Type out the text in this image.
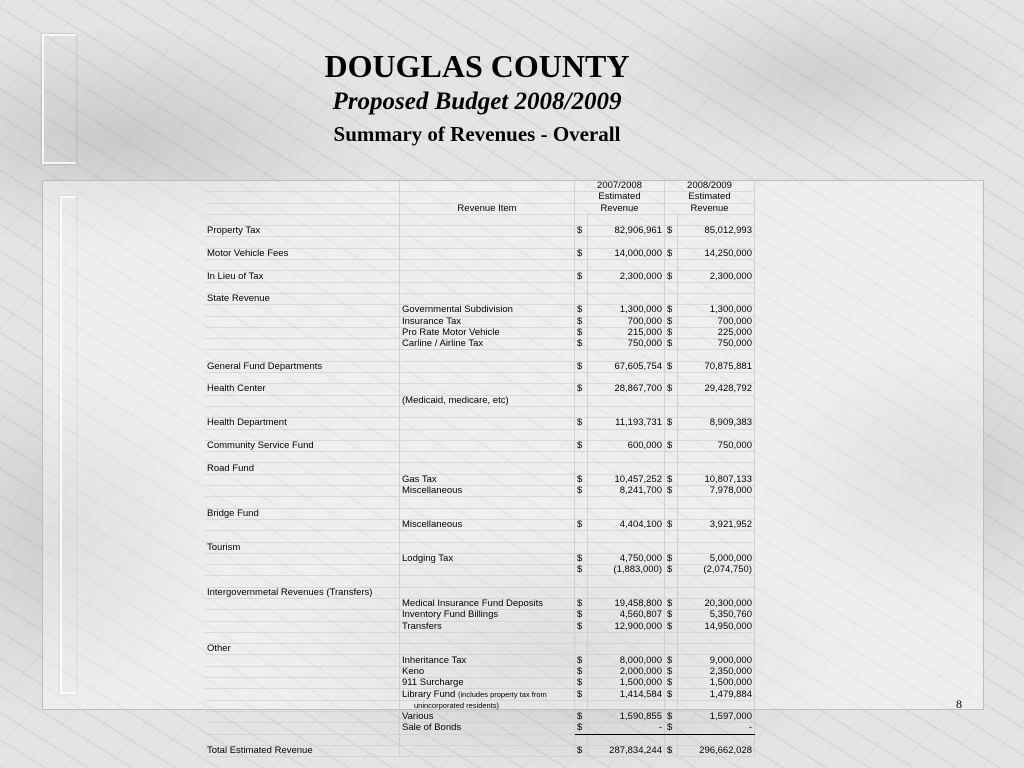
DOUGLAS COUNTY
Proposed Budget 2008/2009
Summary of Revenues - Overall
		2007/2008		2008/2009	
		Estimated		Estimated	
	Revenue Item	Revenue		Revenue	

Property Tax		$	82,906,961	$	85,012,993

Motor Vehicle Fees		$	14,000,000	$	14,250,000

In Lieu of Tax		$	2,300,000	$	2,300,000

State Revenue					
	Governmental Subdivision	$	1,300,000	$	1,300,000
	Insurance Tax	$	700,000	$	700,000
	Pro Rate Motor Vehicle	$	215,000	$	225,000
	Carline / Airline Tax	$	750,000	$	750,000

General Fund Departments		$	67,605,754	$	70,875,881

Health Center		$	28,867,700	$	29,428,792
	(Medicaid, medicare, etc)				

Health Department		$	11,193,731	$	8,909,383

Community Service Fund		$	600,000	$	750,000

Road Fund					
	Gas Tax	$	10,457,252	$	10,807,133
	Miscellaneous	$	8,241,700	$	7,978,000

Bridge Fund					
	Miscellaneous	$	4,404,100	$	3,921,952

Tourism					
	Lodging Tax	$	4,750,000	$	5,000,000
		$	(1,883,000)	$	(2,074,750)

Intergovernmetal Revenues (Transfers)					
	Medical Insurance Fund Deposits	$	19,458,800	$	20,300,000
	Inventory Fund Billings	$	4,560,807	$	5,350,760
	Transfers	$	12,900,000	$	14,950,000

Other					
	Inheritance Tax	$	8,000,000	$	9,000,000
	Keno	$	2,000,000	$	2,350,000
	911 Surcharge	$	1,500,000	$	1,500,000
	Library Fund (includes property tax from	$	1,414,584	$	1,479,884
	unincorporated residents)				
	Various	$	1,590,855	$	1,597,000
	Sale of Bonds	$	-	$	-

Total Estimated Revenue		$	287,834,244	$	296,662,028
8
